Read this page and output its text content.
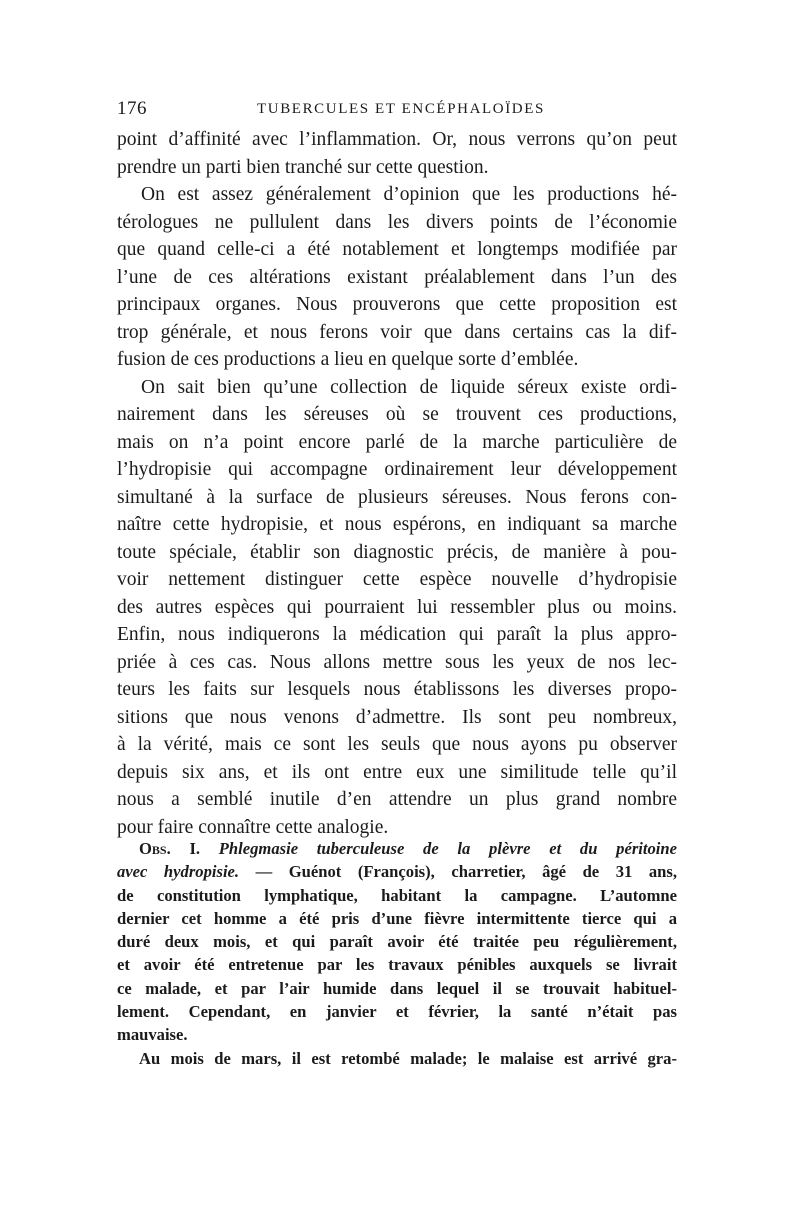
176	TUBERCULES ET ENCÉPHALOÏDES
point d’affinité avec l’inflammation. Or, nous verrons qu’on peut
prendre un parti bien tranché sur cette question.
On est assez généralement d’opinion que les productions hé-
térologues ne pullulent dans les divers points de l’économie
que quand celle-ci a été notablement et longtemps modifiée par
l’une de ces altérations existant préalablement dans l’un des
principaux organes. Nous prouverons que cette proposition est
trop générale, et nous ferons voir que dans certains cas la dif-
fusion de ces productions a lieu en quelque sorte d’emblée.
On sait bien qu’une collection de liquide séreux existe ordi-
nairement dans les séreuses où se trouvent ces productions,
mais on n’a point encore parlé de la marche particulière de
l’hydropisie qui accompagne ordinairement leur développement
simultané à la surface de plusieurs séreuses. Nous ferons con-
naître cette hydropisie, et nous espérons, en indiquant sa marche
toute spéciale, établir son diagnostic précis, de manière à pou-
voir nettement distinguer cette espèce nouvelle d’hydropisie
des autres espèces qui pourraient lui ressembler plus ou moins.
Enfin, nous indiquerons la médication qui paraît la plus appro-
priée à ces cas. Nous allons mettre sous les yeux de nos lec-
teurs les faits sur lesquels nous établissons les diverses propo-
sitions que nous venons d’admettre. Ils sont peu nombreux,
à la vérité, mais ce sont les seuls que nous ayons pu observer
depuis six ans, et ils ont entre eux une similitude telle qu’il
nous a semblé inutile d’en attendre un plus grand nombre
pour faire connaître cette analogie.
Obs. I. Phlegmasie tuberculeuse de la plèvre et du péritoine
avec hydropisie. — Guénot (François), charretier, âgé de 31 ans,
de constitution lymphatique, habitant la campagne. L’automne
dernier cet homme a été pris d’une fièvre intermittente tierce qui a
duré deux mois, et qui paraît avoir été traitée peu régulièrement,
et avoir été entretenue par les travaux pénibles auxquels se livrait
ce malade, et par l’air humide dans lequel il se trouvait habituel-
lement. Cependant, en janvier et février, la santé n’était pas
mauvaise.
Au mois de mars, il est retombé malade; le malaise est arrivé gra-
